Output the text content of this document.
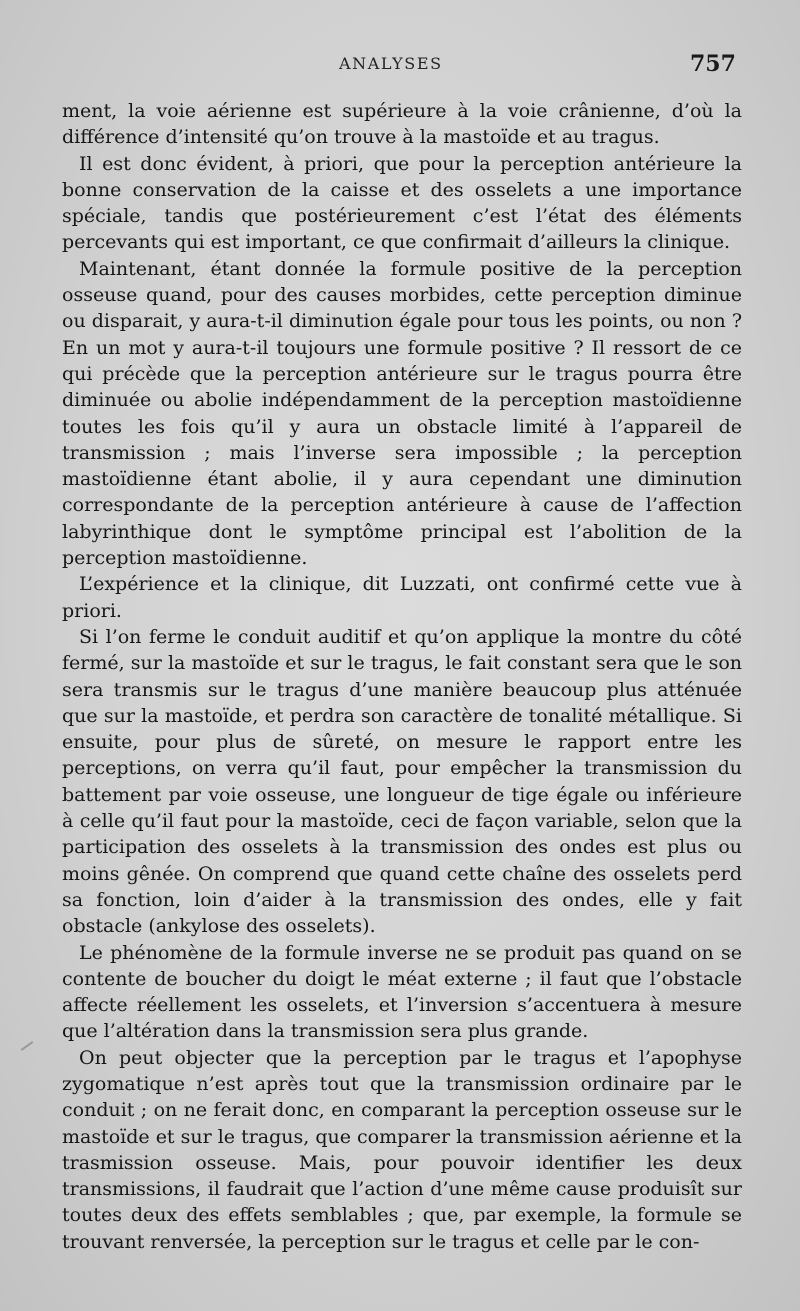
ANALYSES	757

ment, la voie aérienne est supérieure à la voie crânienne, d’où la différence d’intensité qu’on trouve à la mastoïde et au tragus.

Il est donc évident, à priori, que pour la perception antérieure la bonne conservation de la caisse et des osselets a une importance spéciale, tandis que postérieurement c’est l’état des éléments percevants qui est important, ce que confirmait d’ailleurs la clinique.

Maintenant, étant donnée la formule positive de la perception osseuse quand, pour des causes morbides, cette perception diminue ou disparait, y aura-t-il diminution égale pour tous les points, ou non ? En un mot y aura-t-il toujours une formule positive ? Il ressort de ce qui précède que la perception antérieure sur le tragus pourra être diminuée ou abolie indépendamment de la perception mastoïdienne toutes les fois qu’il y aura un obstacle limité à l’appareil de transmission ; mais l’inverse sera impossible ; la perception mastoïdienne étant abolie, il y aura cependant une diminution correspondante de la perception antérieure à cause de l’affection labyrinthique dont le symptôme principal est l’abolition de la perception mastoïdienne.

L’expérience et la clinique, dit Luzzati, ont confirmé cette vue à priori.

Si l’on ferme le conduit auditif et qu’on applique la montre du côté fermé, sur la mastoïde et sur le tragus, le fait constant sera que le son sera transmis sur le tragus d’une manière beaucoup plus atténuée que sur la mastoïde, et perdra son caractère de tonalité métallique. Si ensuite, pour plus de sûreté, on mesure le rapport entre les perceptions, on verra qu’il faut, pour empêcher la transmission du battement par voie osseuse, une longueur de tige égale ou inférieure à celle qu’il faut pour la mastoïde, ceci de façon variable, selon que la participation des osselets à la transmission des ondes est plus ou moins gênée. On comprend que quand cette chaîne des osselets perd sa fonction, loin d’aider à la transmission des ondes, elle y fait obstacle (ankylose des osselets).

Le phénomène de la formule inverse ne se produit pas quand on se contente de boucher du doigt le méat externe ; il faut que l’obstacle affecte réellement les osselets, et l’inversion s’accentuera à mesure que l’altération dans la transmission sera plus grande.

On peut objecter que la perception par le tragus et l’apophyse zygomatique n’est après tout que la transmission ordinaire par le conduit ; on ne ferait donc, en comparant la perception osseuse sur le mastoïde et sur le tragus, que comparer la transmission aérienne et la trasmission osseuse. Mais, pour pouvoir identifier les deux transmissions, il faudrait que l’action d’une même cause produisît sur toutes deux des effets semblables ; que, par exemple, la formule se trouvant renversée, la perception sur le tragus et celle par le con-
